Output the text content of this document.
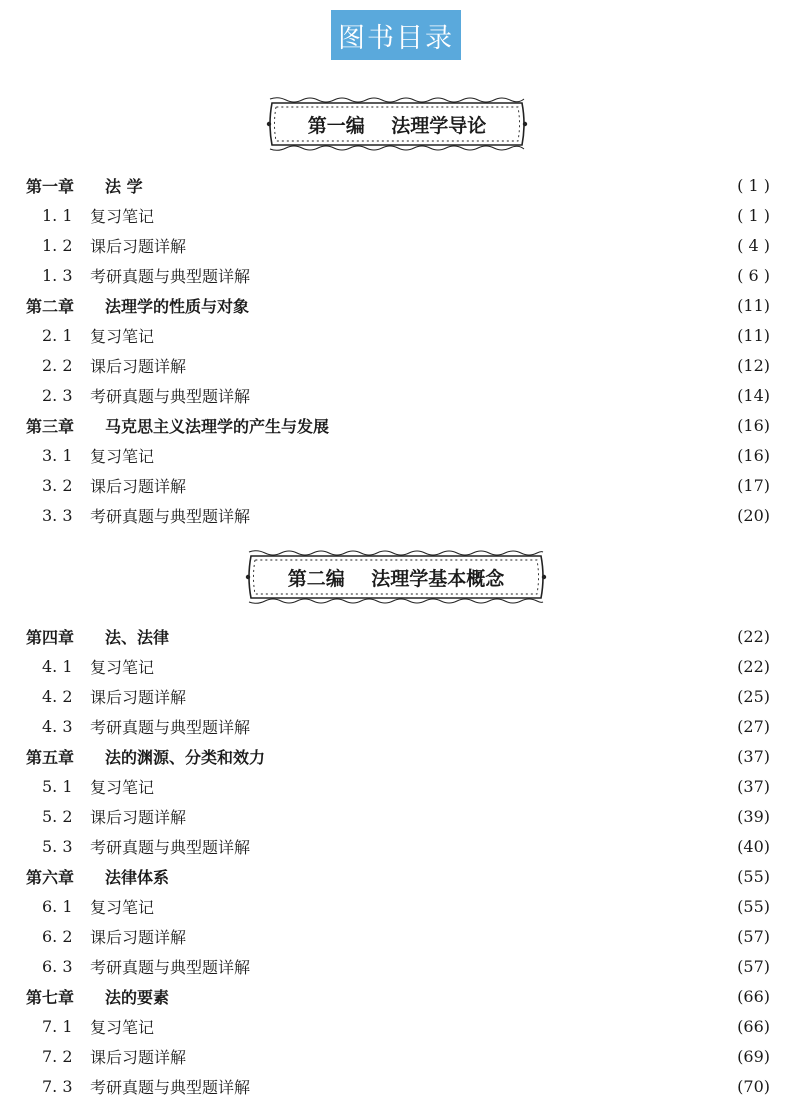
图书目录
第一编    法理学导论
第一章	法 学	( 1 )
1. 1	复习笔记	( 1 )
1. 2	课后习题详解	( 4 )
1. 3	考研真题与典型题详解	( 6 )
第二章	法理学的性质与对象	(11)
2. 1	复习笔记	(11)
2. 2	课后习题详解	(12)
2. 3	考研真题与典型题详解	(14)
第三章	马克思主义法理学的产生与发展	(16)
3. 1	复习笔记	(16)
3. 2	课后习题详解	(17)
3. 3	考研真题与典型题详解	(20)
第二编    法理学基本概念
第四章	法、法律	(22)
4. 1	复习笔记	(22)
4. 2	课后习题详解	(25)
4. 3	考研真题与典型题详解	(27)
第五章	法的渊源、分类和效力	(37)
5. 1	复习笔记	(37)
5. 2	课后习题详解	(39)
5. 3	考研真题与典型题详解	(40)
第六章	法律体系	(55)
6. 1	复习笔记	(55)
6. 2	课后习题详解	(57)
6. 3	考研真题与典型题详解	(57)
第七章	法的要素	(66)
7. 1	复习笔记	(66)
7. 2	课后习题详解	(69)
7. 3	考研真题与典型题详解	(70)
